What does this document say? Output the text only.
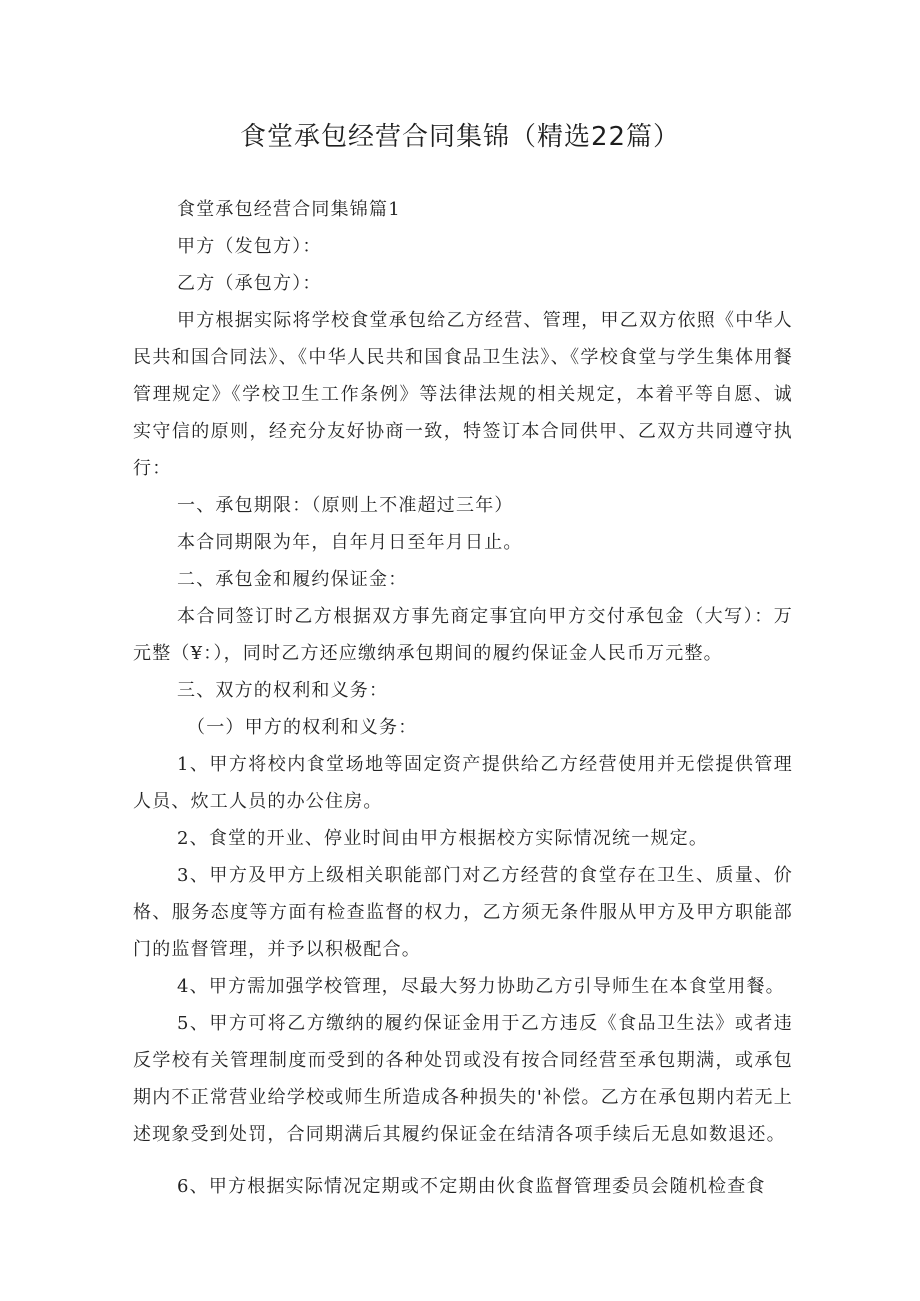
食堂承包经营合同集锦（精选22篇）

食堂承包经营合同集锦篇1

甲方（发包方）：

乙方（承包方）：

甲方根据实际将学校食堂承包给乙方经营、管理，甲乙双方依照《中华人民共和国合同法》、《中华人民共和国食品卫生法》、《学校食堂与学生集体用餐管理规定》《学校卫生工作条例》等法律法规的相关规定，本着平等自愿、诚实守信的原则，经充分友好协商一致，特签订本合同供甲、乙双方共同遵守执行：

一、承包期限：（原则上不准超过三年）

本合同期限为年，自年月日至年月日止。

二、承包金和履约保证金：

本合同签订时乙方根据双方事先商定事宜向甲方交付承包金（大写）：万元整（¥：），同时乙方还应缴纳承包期间的履约保证金人民币万元整。

三、双方的权利和义务：

（一）甲方的权利和义务：

1、甲方将校内食堂场地等固定资产提供给乙方经营使用并无偿提供管理人员、炊工人员的办公住房。

2、食堂的开业、停业时间由甲方根据校方实际情况统一规定。

3、甲方及甲方上级相关职能部门对乙方经营的食堂存在卫生、质量、价格、服务态度等方面有检查监督的权力，乙方须无条件服从甲方及甲方职能部门的监督管理，并予以积极配合。

4、甲方需加强学校管理，尽最大努力协助乙方引导师生在本食堂用餐。

5、甲方可将乙方缴纳的履约保证金用于乙方违反《食品卫生法》或者违反学校有关管理制度而受到的各种处罚或没有按合同经营至承包期满，或承包期内不正常营业给学校或师生所造成各种损失的'补偿。乙方在承包期内若无上述现象受到处罚，合同期满后其履约保证金在结清各项手续后无息如数退还。

6、甲方根据实际情况定期或不定期由伙食监督管理委员会随机检查食
